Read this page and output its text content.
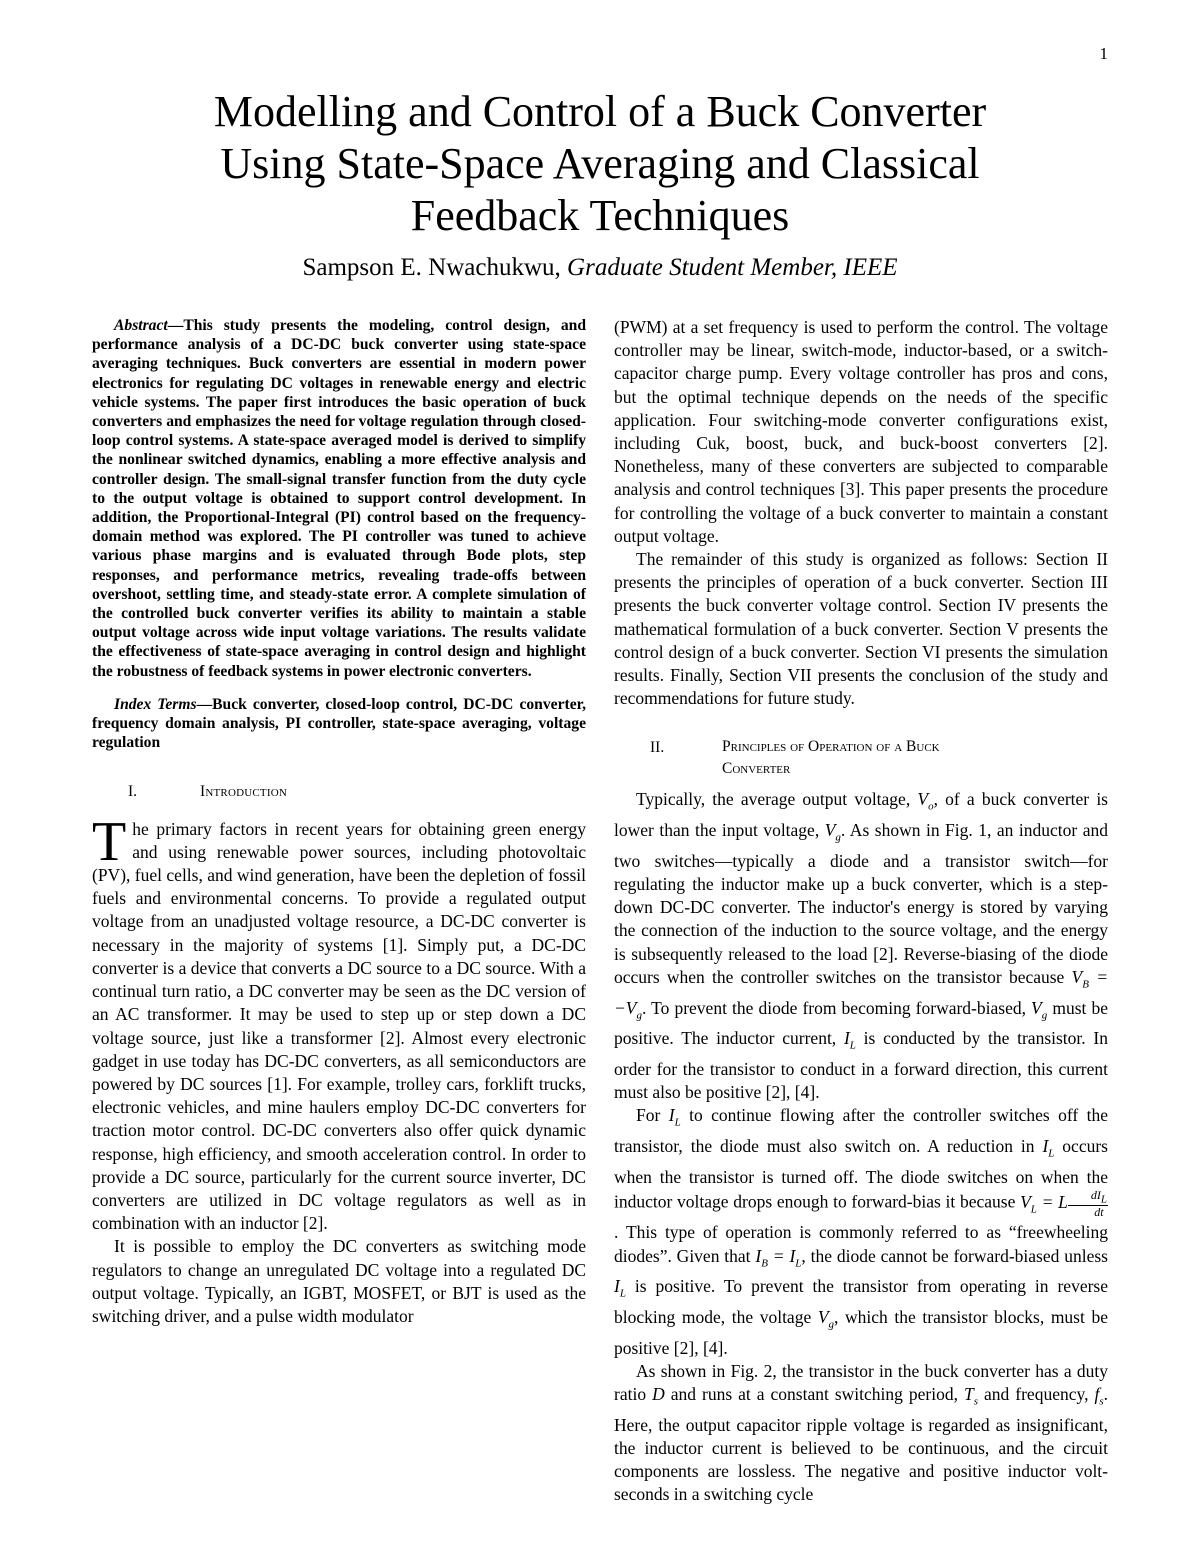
1
Modelling and Control of a Buck Converter
Using State-Space Averaging and Classical
Feedback Techniques
Sampson E. Nwachukwu, Graduate Student Member, IEEE

Abstract—This study presents the modeling, control design, and performance analysis of a DC-DC buck converter using state-space averaging techniques. Buck converters are essential in modern power electronics for regulating DC voltages in renewable energy and electric vehicle systems. The paper first introduces the basic operation of buck converters and emphasizes the need for voltage regulation through closed-loop control systems. A state-space averaged model is derived to simplify the nonlinear switched dynamics, enabling a more effective analysis and controller design. The small-signal transfer function from the duty cycle to the output voltage is obtained to support control development. In addition, the Proportional-Integral (PI) control based on the frequency-domain method was explored. The PI controller was tuned to achieve various phase margins and is evaluated through Bode plots, step responses, and performance metrics, revealing trade-offs between overshoot, settling time, and steady-state error. A complete simulation of the controlled buck converter verifies its ability to maintain a stable output voltage across wide input voltage variations. The results validate the effectiveness of state-space averaging in control design and highlight the robustness of feedback systems in power electronic converters.

Index Terms—Buck converter, closed-loop control, DC-DC converter, frequency domain analysis, PI controller, state-space averaging, voltage regulation

I.	Introduction

The primary factors in recent years for obtaining green energy and using renewable power sources, including photovoltaic (PV), fuel cells, and wind generation, have been the depletion of fossil fuels and environmental concerns. To provide a regulated output voltage from an unadjusted voltage resource, a DC-DC converter is necessary in the majority of systems [1]. Simply put, a DC-DC converter is a device that converts a DC source to a DC source. With a continual turn ratio, a DC converter may be seen as the DC version of an AC transformer. It may be used to step up or step down a DC voltage source, just like a transformer [2]. Almost every electronic gadget in use today has DC-DC converters, as all semiconductors are powered by DC sources [1]. For example, trolley cars, forklift trucks, electronic vehicles, and mine haulers employ DC-DC converters for traction motor control. DC-DC converters also offer quick dynamic response, high efficiency, and smooth acceleration control. In order to provide a DC source, particularly for the current source inverter, DC converters are utilized in DC voltage regulators as well as in combination with an inductor [2].

It is possible to employ the DC converters as switching mode regulators to change an unregulated DC voltage into a regulated DC output voltage. Typically, an IGBT, MOSFET, or BJT is used as the switching driver, and a pulse width modulator

(PWM) at a set frequency is used to perform the control. The voltage controller may be linear, switch-mode, inductor-based, or a switch-capacitor charge pump. Every voltage controller has pros and cons, but the optimal technique depends on the needs of the specific application. Four switching-mode converter configurations exist, including Cuk, boost, buck, and buck-boost converters [2]. Nonetheless, many of these converters are subjected to comparable analysis and control techniques [3]. This paper presents the procedure for controlling the voltage of a buck converter to maintain a constant output voltage.

The remainder of this study is organized as follows: Section II presents the principles of operation of a buck converter. Section III presents the buck converter voltage control. Section IV presents the mathematical formulation of a buck converter. Section V presents the control design of a buck converter. Section VI presents the simulation results. Finally, Section VII presents the conclusion of the study and recommendations for future study.

II.	Principles of Operation of a Buck
Converter

Typically, the average output voltage, $V_o$, of a buck converter is lower than the input voltage, $V_g$. As shown in Fig. 1, an inductor and two switches—typically a diode and a transistor switch—for regulating the inductor make up a buck converter, which is a step-down DC-DC converter. The inductor's energy is stored by varying the connection of the induction to the source voltage, and the energy is subsequently released to the load [2]. Reverse-biasing of the diode occurs when the controller switches on the transistor because $V_B = -V_g$. To prevent the diode from becoming forward-biased, $V_g$ must be positive. The inductor current, $I_L$ is conducted by the transistor. In order for the transistor to conduct in a forward direction, this current must also be positive [2], [4].

For $I_L$ to continue flowing after the controller switches off the transistor, the diode must also switch on. A reduction in $I_L$ occurs when the transistor is turned off. The diode switches on when the inductor voltage drops enough to forward-bias it because $V_L = L \frac{dI_L}{dt}$
. This type of operation is commonly referred to as “freewheeling diodes”. Given that $I_B = I_L$, the diode cannot be forward-biased unless $I_L$ is positive. To prevent the transistor from operating in reverse blocking mode, the voltage $V_g$, which the transistor blocks, must be positive [2], [4].

As shown in Fig. 2, the transistor in the buck converter has a duty ratio D and runs at a constant switching period, $T_s$ and frequency, $f_s$. Here, the output capacitor ripple voltage is regarded as insignificant, the inductor current is believed to be continuous, and the circuit components are lossless. The negative and positive inductor volt-seconds in a switching cycle
